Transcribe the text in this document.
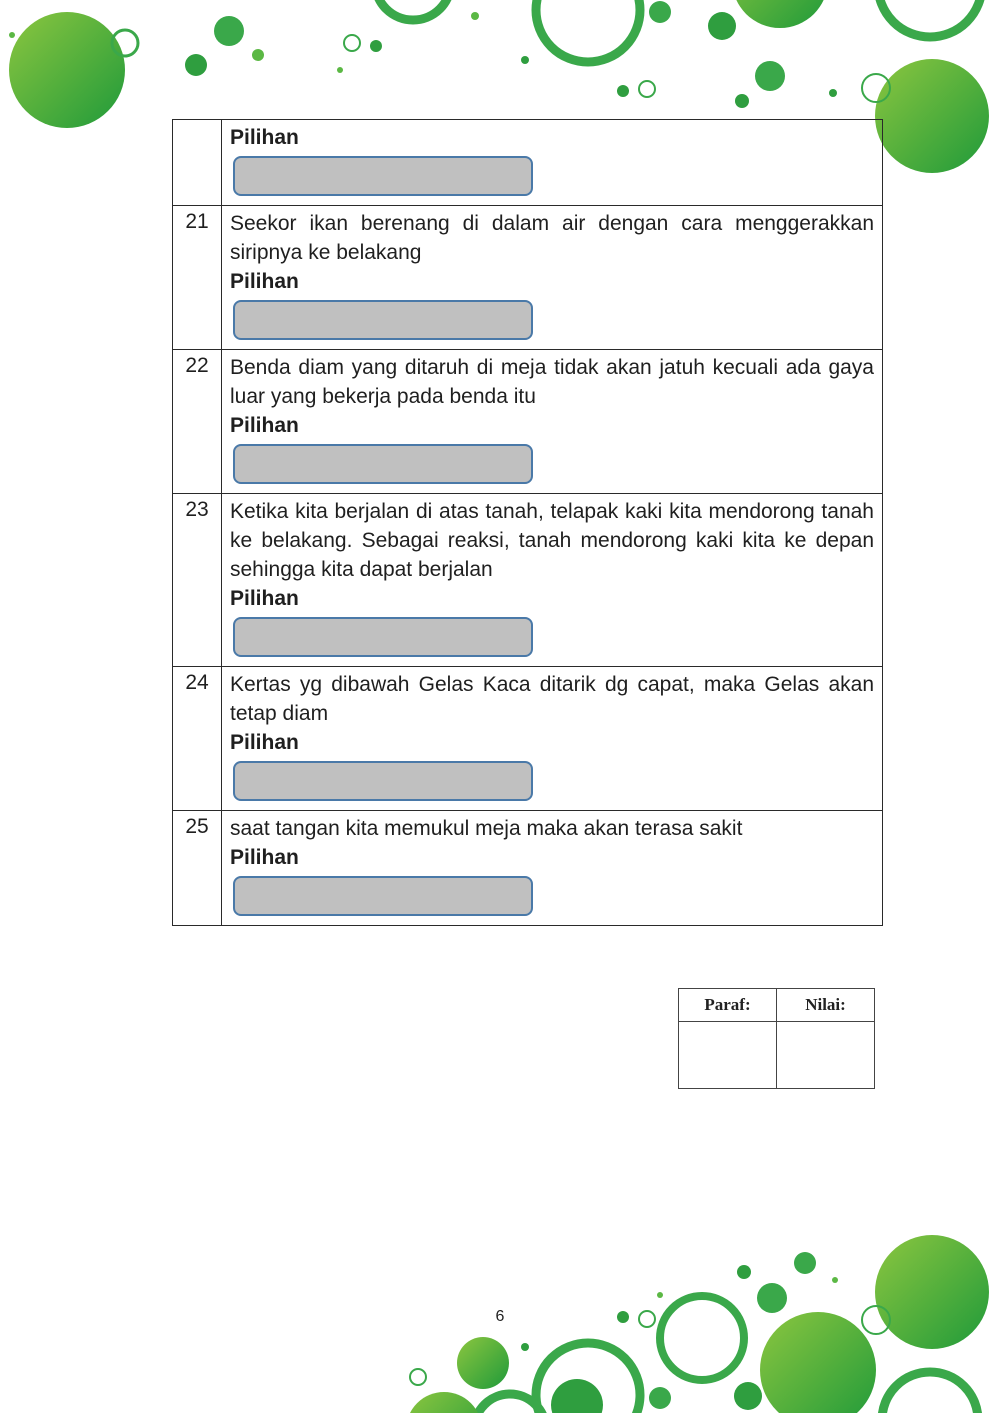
	Pilihan

21	Seekor ikan berenang di dalam air dengan cara menggerakkan siripnya ke belakang
Pilihan

22	Benda diam yang ditaruh di meja tidak akan jatuh kecuali ada gaya luar yang bekerja pada benda itu
Pilihan

23	Ketika kita berjalan di atas tanah, telapak kaki kita mendorong tanah ke belakang. Sebagai reaksi, tanah mendorong kaki kita ke depan sehingga kita dapat berjalan
Pilihan

24	Kertas yg dibawah Gelas Kaca ditarik dg capat, maka Gelas akan tetap diam
Pilihan

25	saat tangan kita memukul meja maka akan terasa sakit
Pilihan
Paraf:	Nilai:

6
